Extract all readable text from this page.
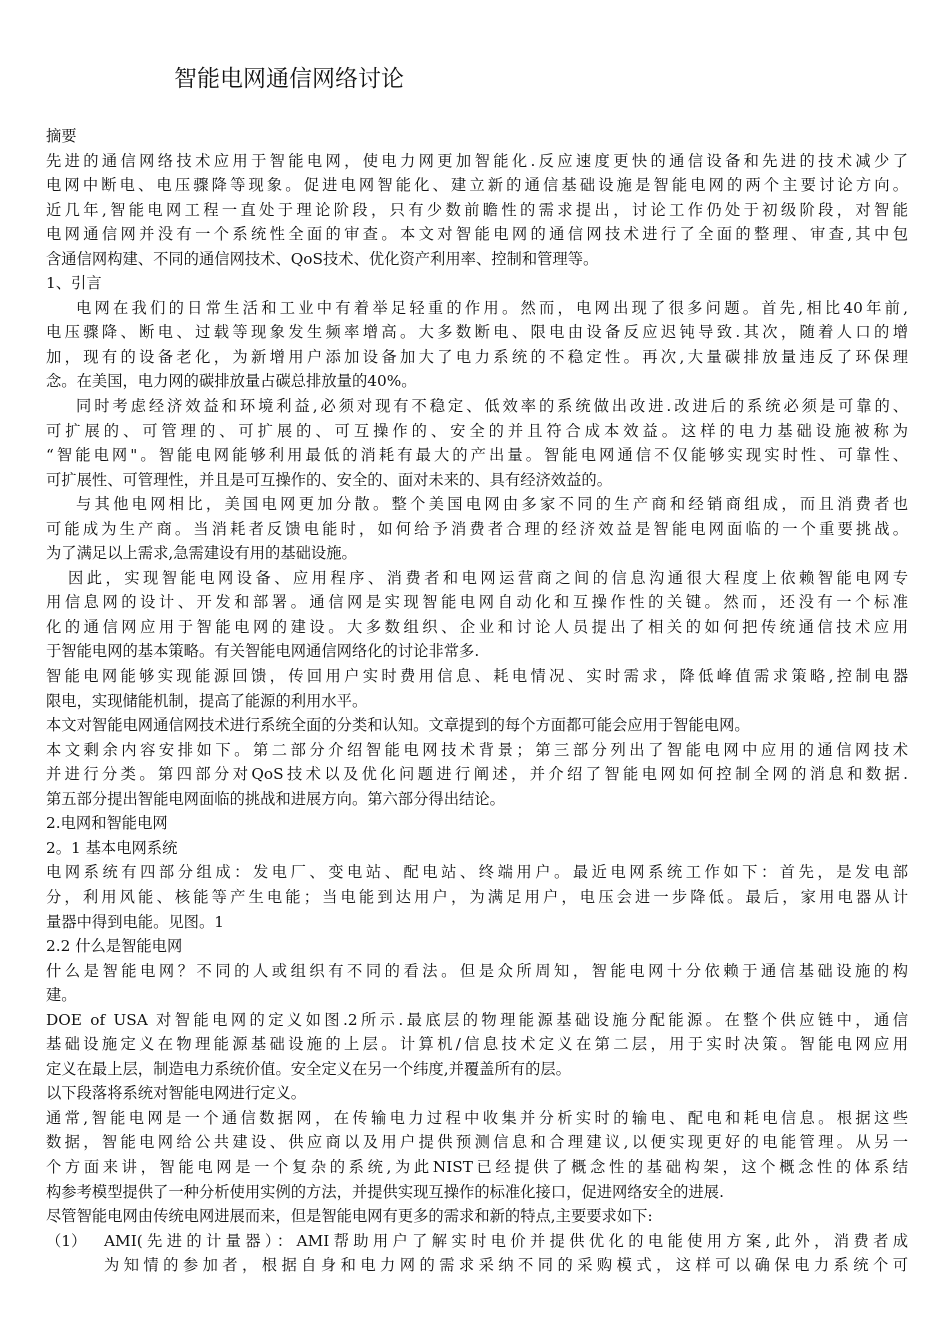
智能电网通信网络讨论
摘要
先进的通信网络技术应用于智能电网，使电力网更加智能化.反应速度更快的通信设备和先进的技术减少了
电网中断电、电压骤降等现象。促进电网智能化、建立新的通信基础设施是智能电网的两个主要讨论方向。
近几年,智能电网工程一直处于理论阶段，只有少数前瞻性的需求提出，讨论工作仍处于初级阶段，对智能
电网通信网并没有一个系统性全面的审查。本文对智能电网的通信网技术进行了全面的整理、审查,其中包
含通信网构建、不同的通信网技术、QoS技术、优化资产利用率、控制和管理等。
1、引言
电网在我们的日常生活和工业中有着举足轻重的作用。然而，电网出现了很多问题。首先,相比40年前,
电压骤降、断电、过载等现象发生频率增高。大多数断电、限电由设备反应迟钝导致.其次，随着人口的增
加，现有的设备老化，为新增用户添加设备加大了电力系统的不稳定性。再次,大量碳排放量违反了环保理
念。在美国，电力网的碳排放量占碳总排放量的40%。
同时考虑经济效益和环境利益,必须对现有不稳定、低效率的系统做出改进.改进后的系统必须是可靠的、
可扩展的、可管理的、可扩展的、可互操作的、安全的并且符合成本效益。这样的电力基础设施被称为
“智能电网"。智能电网能够利用最低的消耗有最大的产出量。智能电网通信不仅能够实现实时性、可靠性、
可扩展性、可管理性，并且是可互操作的、安全的、面对未来的、具有经济效益的。
与其他电网相比，美国电网更加分散。整个美国电网由多家不同的生产商和经销商组成，而且消费者也
可能成为生产商。当消耗者反馈电能时，如何给予消费者合理的经济效益是智能电网面临的一个重要挑战。
为了满足以上需求,急需建设有用的基础设施。
因此，实现智能电网设备、应用程序、消费者和电网运营商之间的信息沟通很大程度上依赖智能电网专
用信息网的设计、开发和部署。通信网是实现智能电网自动化和互操作性的关键。然而，还没有一个标准
化的通信网应用于智能电网的建设。大多数组织、企业和讨论人员提出了相关的如何把传统通信技术应用
于智能电网的基本策略。有关智能电网通信网络化的讨论非常多.
智能电网能够实现能源回馈，传回用户实时费用信息、耗电情况、实时需求，降低峰值需求策略,控制电器
限电，实现储能机制，提高了能源的利用水平。
本文对智能电网通信网技术进行系统全面的分类和认知。文章提到的每个方面都可能会应用于智能电网。
本文剩余内容安排如下。第二部分介绍智能电网技术背景；第三部分列出了智能电网中应用的通信网技术
并进行分类。第四部分对QoS技术以及优化问题进行阐述，并介绍了智能电网如何控制全网的消息和数据.
第五部分提出智能电网面临的挑战和进展方向。第六部分得出结论。
2.电网和智能电网
2。1 基本电网系统
电网系统有四部分组成：发电厂、变电站、配电站、终端用户。最近电网系统工作如下：首先，是发电部
分，利用风能、核能等产生电能；当电能到达用户，为满足用户，电压会进一步降低。最后，家用电器从计
量器中得到电能。见图。1
2.2 什么是智能电网
什么是智能电网？不同的人或组织有不同的看法。但是众所周知，智能电网十分依赖于通信基础设施的构
建。
DOE of USA 对智能电网的定义如图.2所示.最底层的物理能源基础设施分配能源。在整个供应链中，通信
基础设施定义在物理能源基础设施的上层。计算机/信息技术定义在第二层，用于实时决策。智能电网应用
定义在最上层，制造电力系统价值。安全定义在另一个纬度,并覆盖所有的层。
以下段落将系统对智能电网进行定义。
通常,智能电网是一个通信数据网，在传输电力过程中收集并分析实时的输电、配电和耗电信息。根据这些
数据，智能电网给公共建设、供应商以及用户提供预测信息和合理建议,以便实现更好的电能管理。从另一
个方面来讲，智能电网是一个复杂的系统,为此NIST已经提供了概念性的基础构架，这个概念性的体系结
构参考模型提供了一种分析使用实例的方法，并提供实现互操作的标准化接口，促进网络安全的进展.
尽管智能电网由传统电网进展而来，但是智能电网有更多的需求和新的特点,主要要求如下:
（1）	AMI(先进的计量器）：AMI帮助用户了解实时电价并提供优化的电能使用方案,此外，消费者成
为知情的参加者，根据自身和电力网的需求采纳不同的采购模式，这样可以确保电力系统个可
